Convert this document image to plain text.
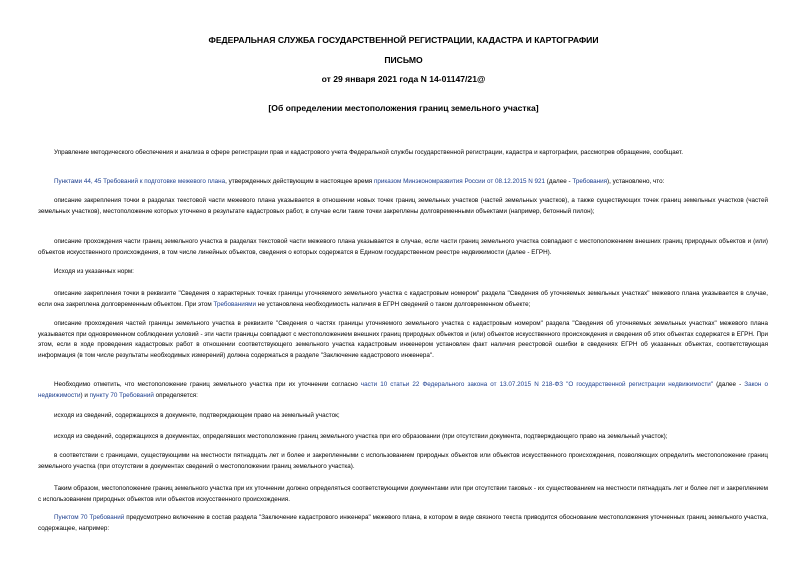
ФЕДЕРАЛЬНАЯ СЛУЖБА ГОСУДАРСТВЕННОЙ РЕГИСТРАЦИИ, КАДАСТРА И КАРТОГРАФИИ
ПИСЬМО
от 29 января 2021 года N 14-01147/21@
[Об определении местоположения границ земельного участка]
Управление методического обеспечения и анализа в сфере регистрации прав и кадастрового учета Федеральной службы государственной регистрации, кадастра и картографии, рассмотрев обращение, сообщает.
Пунктами 44, 45 Требований к подготовке межевого плана, утвержденных действующим в настоящее время приказом Минэкономразвития России от 08.12.2015 N 921 (далее - Требования), установлено, что:
описание закрепления точки в разделах текстовой части межевого плана указывается в отношении новых точек границ земельных участков (частей земельных участков), а также существующих точек границ земельных участков (частей земельных участков), местоположение которых уточнено в результате кадастровых работ, в случае если такие точки закреплены долговременными объектами (например, бетонный пилон);
описание прохождения части границ земельного участка в разделах текстовой части межевого плана указывается в случае, если части границ земельного участка совпадают с местоположением внешних границ природных объектов и (или) объектов искусственного происхождения, в том числе линейных объектов, сведения о которых содержатся в Едином государственном реестре недвижимости (далее - ЕГРН).
Исходя из указанных норм:
описание закрепления точки в реквизите "Сведения о характерных точках границы уточняемого земельного участка с кадастровым номером" раздела "Сведения об уточняемых земельных участках" межевого плана указывается в случае, если она закреплена долговременным объектом. При этом Требованиями не установлена необходимость наличия в ЕГРН сведений о таком долговременном объекте;
описание прохождения частей границы земельного участка в реквизите "Сведения о частях границы уточняемого земельного участка с кадастровым номером" раздела "Сведения об уточняемых земельных участках" межевого плана указывается при одновременном соблюдении условий - эти части границы совпадают с местоположением внешних границ природных объектов и (или) объектов искусственного происхождения и сведения об этих объектах содержатся в ЕГРН. При этом, если в ходе проведения кадастровых работ в отношении соответствующего земельного участка кадастровым инженером установлен факт наличия реестровой ошибки в сведениях ЕГРН об указанных объектах, соответствующая информация (в том числе результаты необходимых измерений) должна содержаться в разделе "Заключение кадастрового инженера".
Необходимо отметить, что местоположение границ земельного участка при их уточнении согласно части 10 статьи 22 Федерального закона от 13.07.2015 N 218-ФЗ "О государственной регистрации недвижимости" (далее - Закон о недвижимости) и пункту 70 Требований определяется:
исходя из сведений, содержащихся в документе, подтверждающем право на земельный участок;
исходя из сведений, содержащихся в документах, определявших местоположение границ земельного участка при его образовании (при отсутствии документа, подтверждающего право на земельный участок);
в соответствии с границами, существующими на местности пятнадцать лет и более и закрепленными с использованием природных объектов или объектов искусственного происхождения, позволяющих определить местоположение границ земельного участка (при отсутствии в документах сведений о местоположении границ земельного участка).
Таким образом, местоположение границ земельного участка при их уточнении должно определяться соответствующими документами или при отсутствии таковых - их существованием на местности пятнадцать лет и более лет и закреплением с использованием природных объектов или объектов искусственного происхождения.
Пунктом 70 Требований предусмотрено включение в состав раздела "Заключение кадастрового инженера" межевого плана, в котором в виде связного текста приводится обоснование местоположения уточненных границ земельного участка, содержащее, например:
